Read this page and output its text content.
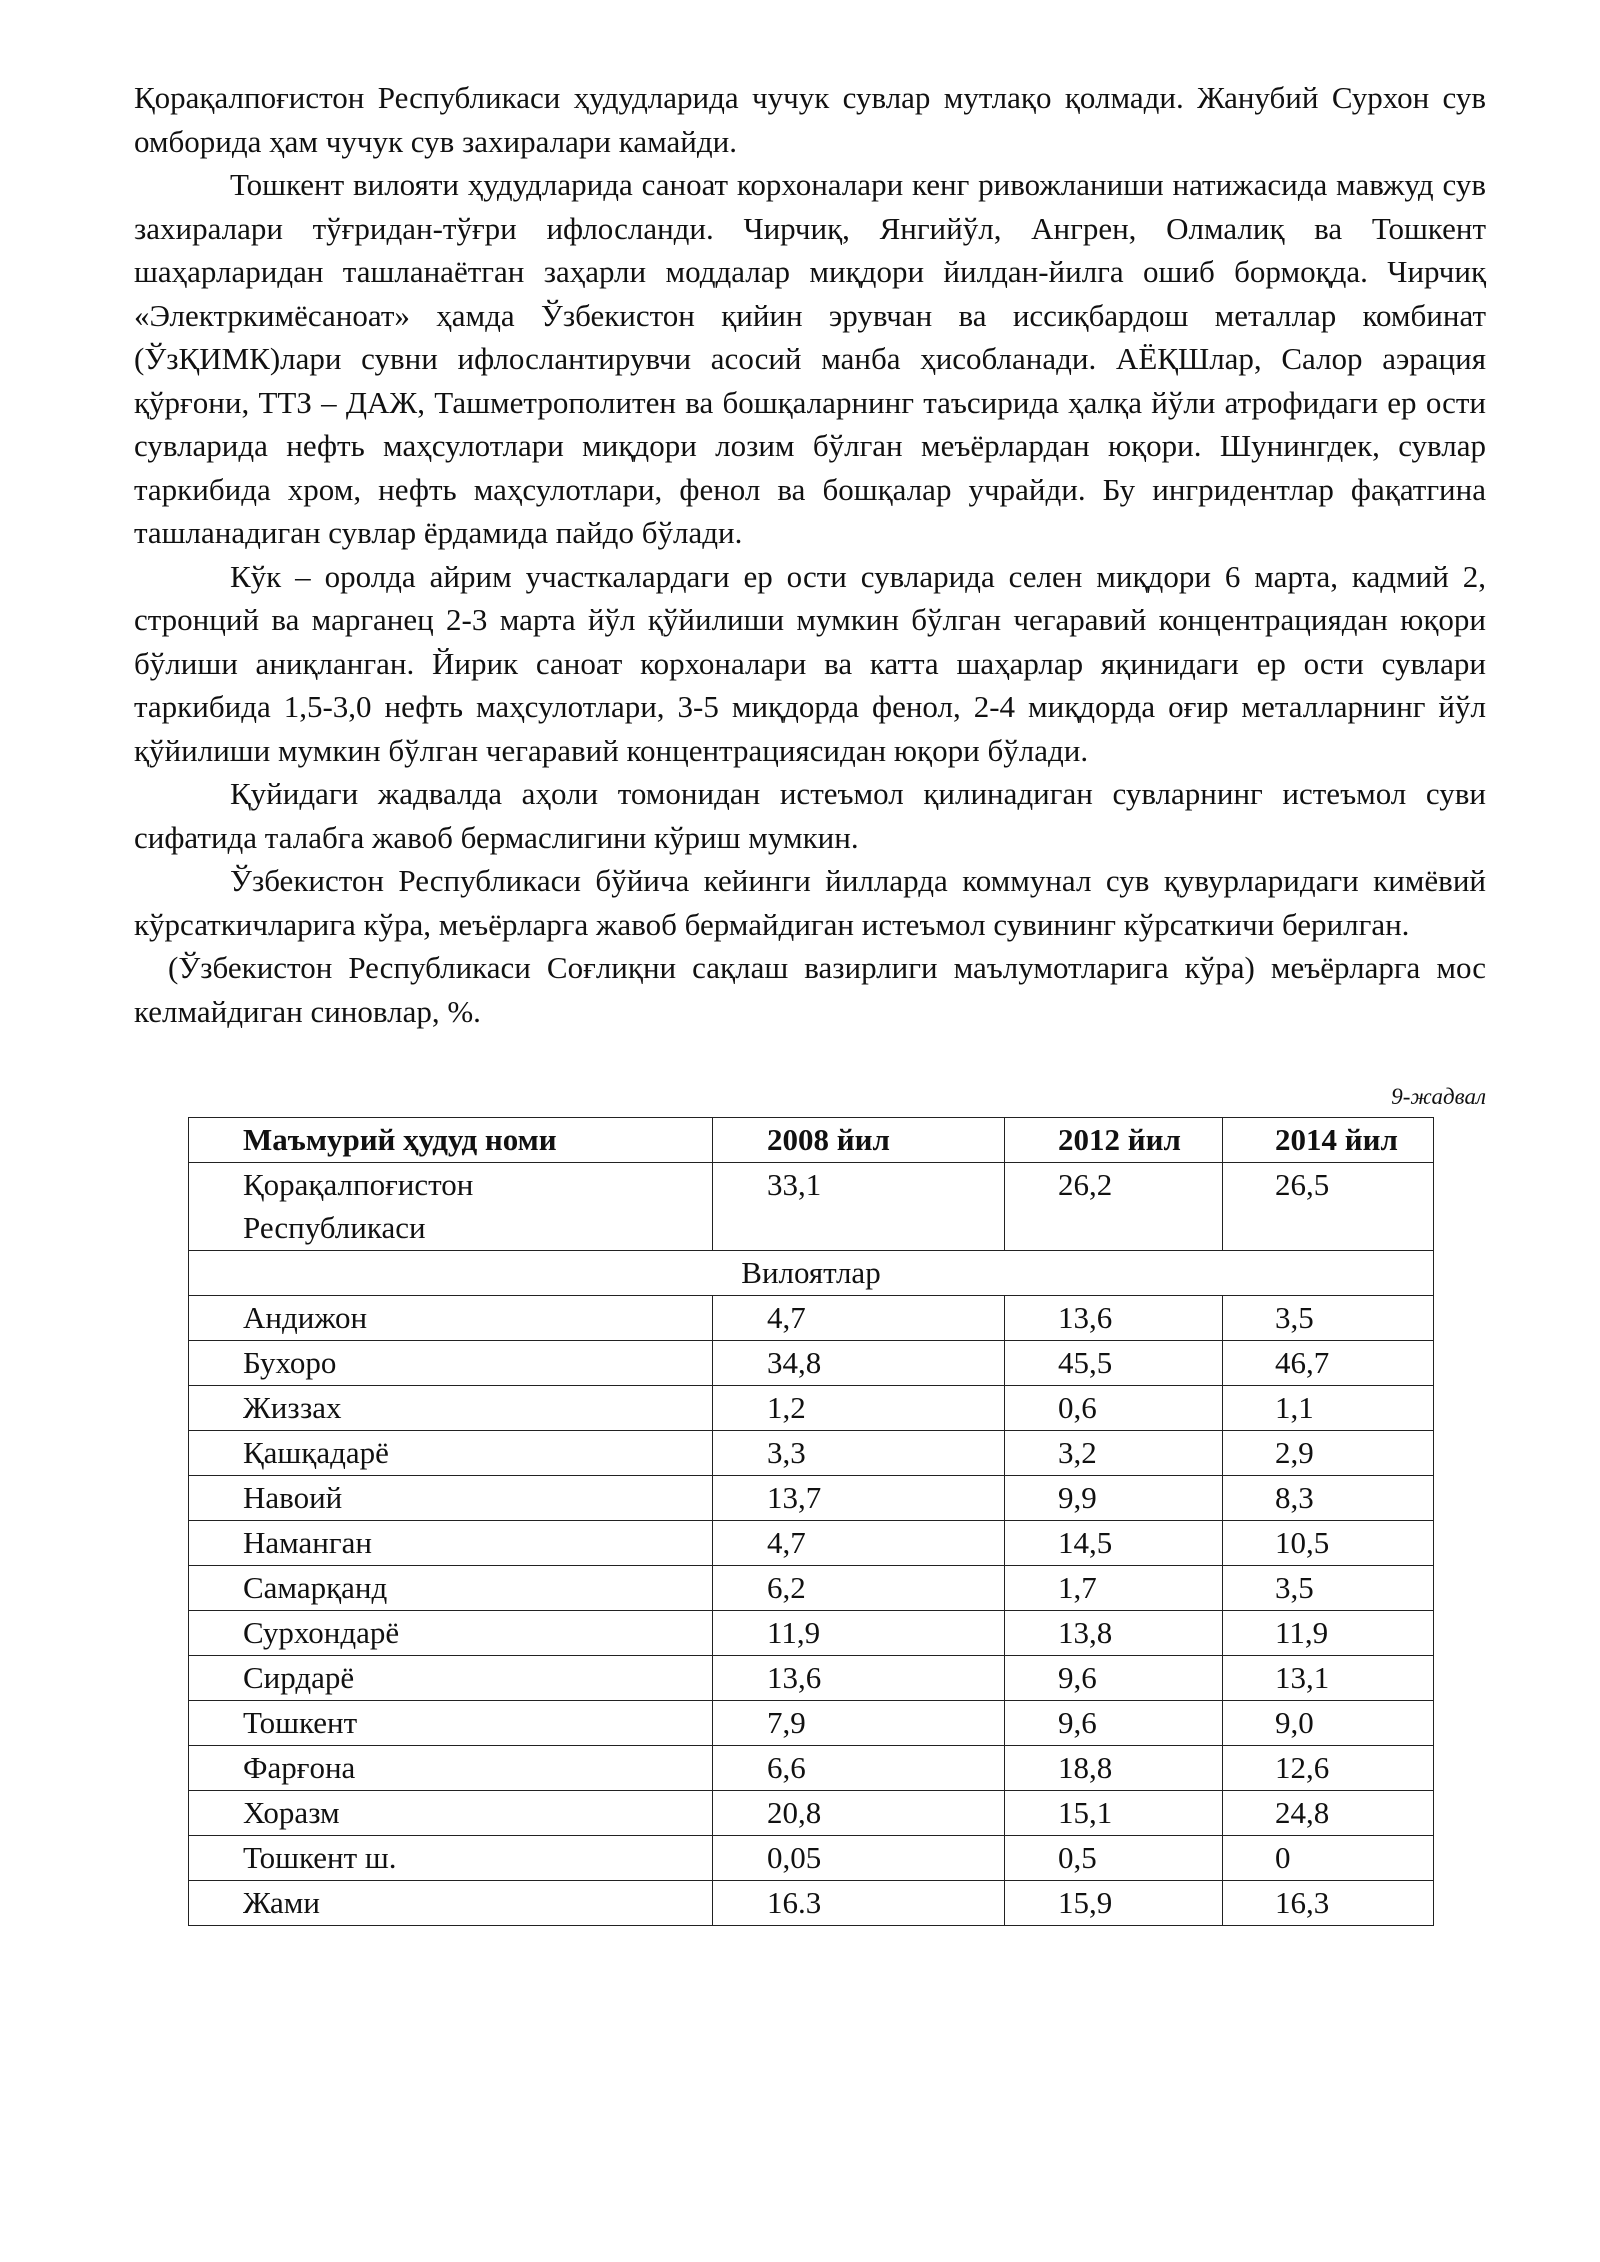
Қорақалпоғистон Республикаси ҳудудларида чучук сувлар мутлақо қолмади. Жанубий Сурхон сув омборида ҳам чучук сув захиралари камайди.

Тошкент вилояти ҳудудларида саноат корхоналари кенг ривожланиши натижасида мавжуд сув захиралари тўғридан-тўғри ифлосланди. Чирчиқ, Янгийўл, Ангрен, Олмалиқ ва Тошкент шаҳарларидан ташланаётган заҳарли моддалар миқдори йилдан-йилга ошиб бормоқда. Чирчиқ «Электркимёсаноат» ҳамда Ўзбекистон қийин эрувчан ва иссиқбардош металлар комбинат (ЎзҚИМК)лари сувни ифлослантирувчи асосий манба ҳисобланади. АЁҚШлар, Салор аэрация қўрғони, ТТЗ – ДАЖ, Ташметрополитен ва бошқаларнинг таъсирида ҳалқа йўли атрофидаги ер ости сувларида нефть маҳсулотлари миқдори лозим бўлган меъёрлардан юқори. Шунингдек, сувлар таркибида хром, нефть маҳсулотлари, фенол ва бошқалар учрайди. Бу ингридентлар фақатгина ташланадиган сувлар ёрдамида пайдо бўлади.

Кўк – оролда айрим участкалардаги ер ости сувларида селен миқдори 6 марта, кадмий 2, стронций ва марганец 2-3 марта йўл қўйилиши мумкин бўлган чегаравий концентрациядан юқори бўлиши аниқланган. Йирик саноат корхоналари ва катта шаҳарлар яқинидаги ер ости сувлари таркибида 1,5-3,0 нефть маҳсулотлари, 3-5 миқдорда фенол, 2-4 миқдорда оғир металларнинг йўл қўйилиши мумкин бўлган чегаравий концентрациясидан юқори бўлади.

Қуйидаги жадвалда аҳоли томонидан истеъмол қилинадиган сувларнинг истеъмол суви сифатида талабга жавоб бермаслигини кўриш мумкин.

Ўзбекистон Республикаси бўйича кейинги йилларда коммунал сув қувурларидаги кимёвий кўрсаткичларига кўра, меъёрларга жавоб бермайдиган истеъмол сувининг кўрсаткичи берилган.

(Ўзбекистон Республикаси Соғлиқни сақлаш вазирлиги маълумотларига кўра) меъёрларга мос келмайдиган синовлар, %.

9-жадвал
Маъмурий ҳудуд номи	2008 йил	2012 йил	2014 йил

Қорақалпоғистон
Республикаси	33,1	26,2	26,5
Вилоятлар			
Андижон	4,7	13,6	3,5
Бухоро	34,8	45,5	46,7
Жиззах	1,2	0,6	1,1
Қашқадарё	3,3	3,2	2,9
Навоий	13,7	9,9	8,3
Наманган	4,7	14,5	10,5
Самарқанд	6,2	1,7	3,5
Сурхондарё	11,9	13,8	11,9
Сирдарё	13,6	9,6	13,1
Тошкент	7,9	9,6	9,0
Фарғона	6,6	18,8	12,6
Хоразм	20,8	15,1	24,8
Тошкент ш.	0,05	0,5	0
Жами	16.3	15,9	16,3
